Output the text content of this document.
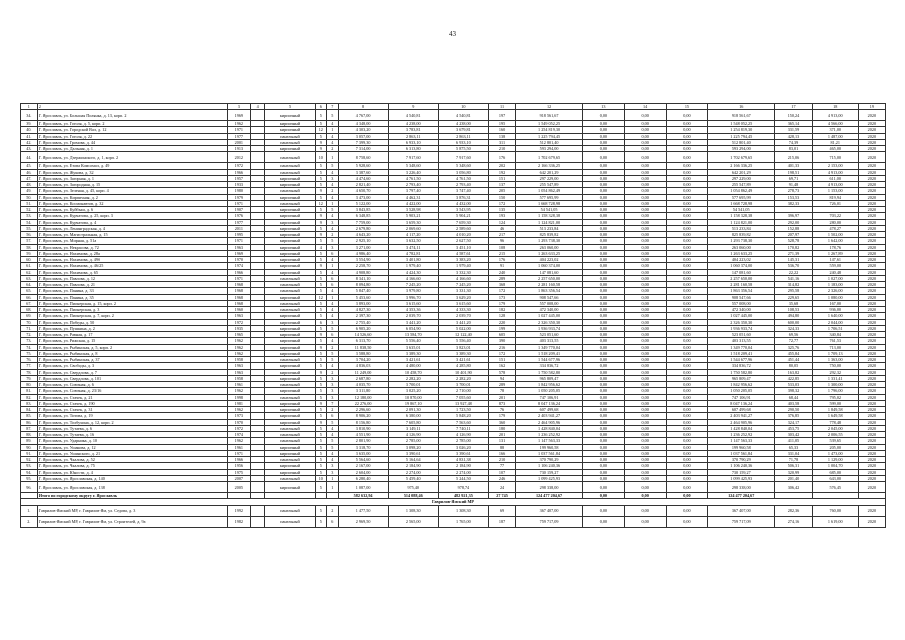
43
1	2	3	4	5	6	7	8	9	10	11	12	13	14	15	16	17	18	19
34.	Г. Ярославль, ул. Большая Полянка, д. 13, корп. 2	1969		кирпичный	5	5	4 767,00	4 540,81	4 540,81	197	918 561,67	0,00	0,00	0,00	918 561,67	150,24	4 913,00	2020
39.	Г. Ярославль, ул. Гоголя, д. 5, корп. 2	1962		кирпичный	5	4	4 348,00	4 238,00	4 238,00	195	1 549 052,25	0,00	0,00	0,00	1 548 052,25	365,14	4 566,00	2020
40.	Г. Ярославль, ул. Городской Вал, д. 12	1971		кирпичный	12	1	4 303,20	3 783,81	3 679,81	160	1 254 819,30	0,00	0,00	0,00	1 254 819,30	331,59	371,00	2020
41.	Г. Ярославль, ул. Гоголя, д. 22	1977		панельный	5	4	3 057,00	2 863,11	2 863,11	138	1 225 794,45	0,00	0,00	0,00	1 225 794,45	428,13	1 487,00	2020
42.	Г. Ярославль, ул. Громова, д. 44	2001		панельный	9	4	7 399,30	6 933,10	6 933,10	311	512 801,40	0,00	0,00	0,00	512 801,40	74,39	81,21	2020
43.	Г. Ярославль, ул. Дальняя, д. 1	1913		кирпичный	9	2	7 314,00	6 313,80	5 875,50	210	593 294,00	0,00	0,00	0,00	593 294,00	83,01	465,00	2020
44.	Г. Ярославль, ул. Дзержинского, д. 1, корп. 2	2012		панельный	10	1	8 758,60	7 917,60	7 917,60	176	1 702 679,65	0,00	0,00	0,00	1 702 679,65	215,06	715,00	2020
45.	Г. Ярославль, ул. Етова Комсомол, д. 49	1972		панельный	5	5	5 928,60	5 348,60	5 348,60	202	2 166 336,25	0,00	0,00	0,00	2 166 336,25	401,33	2 153,00	2020
46.	Г. Ярославль, ул. Жукова, д. 32	1966		панельный	5	4	3 387,60	3 226,40	3 056,80	192	642 201,29	0,00	0,00	0,00	642 201,29	198,51	4 913,00	2020
47.	Г. Ярославль, ул. Загорная, д. 1	1957		кирпичный	5	3	4 474,60	4 761,50	4 761,50	151	297 229,00	0,00	0,00	0,00	297 229,00	69,71	611,00	2020
48.	Г. Ярославль, ул. Загородная, д. 15	1933		кирпичный	5	4	2 821,40	2 793,40	2 793,40	137	255 547,89	0,00	0,00	0,00	255 547,89	91,48	4 913,00	2020
49.	Г. Ярославль, ул. Зеленая, д. 45, корп. 4	1980		панельный	9	2	4 650,70	3 797,40	3 747,40	205	1 054 862,49	0,00	0,00	0,00	1 054 862,49	278,73	1 153,00	2020
50.	Г. Ярославль, ул. Кирпичная, д. 2	1979		кирпичный	5	4	3 473,00	4 462,31	3 876,31	150	577 695,99	0,00	0,00	0,00	577 695,99	153,53	819,94	2020
51.	Г. Ярославль, ул. Космонавтов, д. 32	1971		панельный	12	1	5 122,00	4 422,00	4 432,00	172	1 668 728,98	0,00	0,00	0,00	1 668 728,98	382,33	726,01	2020
52.	Г. Ярославль, ул. Куйбыш, д. 6	1907		кирпичный	5	5	3 843,85	3 528,98	3 543,95	135	54 541,05	0,00	0,00	0,00	54 541,05			2020
53.	Г. Ярославль, ул. Курчатова, д. 25, корп. 3	1976		кирпичный	9	4	6 348,85	5 903,21	5 904,21	193	1 158 328,38	0,00	0,00	0,00	1 158 328,38	396,97	703,22	2020
54.	Г. Ярославль, ул. Курчатова, д. 4	1977		кирпичный	9	3	7 759,00	3 659,30	7 659,30	124	1 124 821,00	0,00	0,00	0,00	1 124 821,00	292,00	280,00	2020
55.	Г. Ярославль, ул. Ленинградская, д. 4	2011		кирпичный	5	4	2 679,80	2 069,60	2 589,60	46	513 233,84	0,00	0,00	0,00	513 233,84	152,88	478,27	2020
56.	Г. Ярославль, ул. Магистральная, д. 15	1995		кирпичный	9	2	4 643,20	4 117,20	4 010,20	217	825 839,82	0,00	0,00	0,00	825 839,82	207,97	1 502,00	2020
57.	Г. Ярославль, ул. Мирная, д. 51а	1971		кирпичный	5	5	2 925,10	3 632,50	2 627,50	96	1 293 738,30	0,00	0,00	0,00	1 293 738,30	528,78	1 642,00	2020
58.	Г. Ярославль, ул. Некрасова, д. 72	1963		кирпичный	4	3	3 271,00	3 474,11	3 451,10	108	263 060,00	0,00	0,00	0,00	263 060,00	170,82	178,76	2020
59.	Г. Ярославль, ул. Нахимова, д. 28а	1969		кирпичный	5	6	4 986,40	4 782,81	4 587,61	215	1 263 633,25	0,00	0,00	0,00	1 263 633,25	271,39	1 267,89	2020
60.	Г. Ярославль, ул. Нахимова, д. 49б	1970		кирпичный	5	4	3 554,90	3 401,80	3 383,20	176	404 223,02	0,00	0,00	0,00	404 223,02	145,31	147,61	2020
61.	Г. Ярославль, ул. Нахимова, д. 46/25	1974		кирпичный	9	1	2 258,70	1 979,40	1 979,40	91	1 060 374,00	0,00	0,00	0,00	1 060 374,00	536,70	559,00	2020
62.	Г. Ярославль, ул. Нахимова, д. 65	1966		кирпичный	5	4	4 908,80	4 424,30	3 332,30	240	147 081,60	0,00	0,00	0,00	147 081,60	22,22	240,48	2020
63.	Г. Ярославль, ул. Павлова, д. 12	1971		панельный	5	6	8 341,10	4 166,60	4 166,60	289	2 257 650,00	0,00	0,00	0,00	2 257 650,00	541,16	1 027,00	2020
64.	Г. Ярославль, ул. Павлова, д. 21	1968		панельный	5	6	8 094,80	7 245,20	7 245,20	368	2 281 160,58	0,00	0,00	0,00	2 281 160,58	314,82	1 183,00	2020
65.	Г. Ярославль, ул. Панина, д. 33	1968		панельный	5	4	5 847,40	3 979,80	3 331,30	172	1 863 356,54	0,00	0,00	0,00	1 863 356,54	295,58	2 326,00	2020
66.	Г. Ярославль, ул. Панина, д. 35	1968		кирпичный	12	1	5 453,60	3 996,70	3 629,20	173	908 547,66	0,00	0,00	0,00	908 547,66	229,65	1 080,00	2020
67.	Г. Ярославль, ул. Пионерская, д. 15, корп. 2	1968		панельный	5	4	3 893,00	3 615,60	3 615,60	179	557 008,00	0,00	0,00	0,00	557 008,00	35,68	167,00	2020
68.	Г. Ярославль, ул. Пионерская, д. 3	1960		панельный	5	4	4 827,30	4 353,36	4 333,30	182	472 340,00	0,00	0,00	0,00	472 340,00	108,53	936,00	2020
69.	Г. Ярославль, ул. Пионерская, д. 7, корп. 2	1963		кирпичный	5	4	2 397,30	2 039,70	2 039,70	128	1 027 445,00	0,00	0,00	0,00	1 027 445,00	494,80	1 640,00	2020
70.	Г. Ярославль, ул. Победы, д. 50	1972		кирпичный	6	3	2 755,40	3 441,20	3 441,20	220	2 326 350,30	0,00	0,00	0,00	2 326 350,30	600,00	2 044,00	2020
71.	Г. Ярославль, ул. Пушкина, д. 2	1935		кирпичный	5	5	6 905,20	6 054,90	5 022,00	199	1 936 933,74	0,00	0,00	0,00	1 936 933,74	324,33	1 706,51	2020
72.	Г. Ярославль, ул. Равная, д. 17	1965		кирпичный	9	6	14 526,60	13 584,70	12 122,40	605	523 051,60	0,00	0,00	0,00	523 051,60	69,56	340,84	2020
73.	Г. Ярославль, ул. Рижская, д. 15	1962		кирпичный	5	4	6 313,70	5 556,40	5 556,40	390	403 313,55	0,00	0,00	0,00	403 313,55	72,77	761,53	2020
74.	Г. Ярославль, ул. Рыбинская, д. 5, корп. 2	1962		кирпичный	9	2	11 838,50	3 635,01	3 823,01	216	1 349 770,04	0,00	0,00	0,00	1 349 770,04	325,76	713,00	2020
75.	Г. Ярославль, ул. Рыбинская, д. 8	1962		кирпичный	5	5	3 588,80	3 389,30	3 389,30	172	1 518 209,41	0,00	0,00	0,00	1 518 209,41	455,84	1 709,13	2020
76.	Г. Ярославль, ул. Рыбинская, д. 37	1958		панельный	5	5	3 704,20	3 421,61	3 421,61	151	1 544 677,96	0,00	0,00	0,00	1 544 677,96	451,44	1 363,00	2020
77.	Г. Ярославль, ул. Свободы, д. 3	1963		кирпичный	5	4	4 836,03	4 480,00	4 285,80	162	334 836,72	0,00	0,00	0,00	334 836,72	80,05	750,00	2020
78.	Г. Ярославль, ул. Свердлова, д. 7	1963		кирпичный	9	2	11 249,00	10 458,70	10 401,90	578	1 750 582,80	0,00	0,00	0,00	1 750 582,80	163,82	292,32	2020
79.	Г. Ярославль, ул. Свердлова, д. 101	1958		кирпичный	5	3	2 687,80	2 282,20	2 282,20	94	965 809,47	0,00	0,00	0,00	965 809,47	422,85	1 331,41	2020
80.	Г. Ярославль, ул. Союзная, д. 6	1961		панельный	5	3	4 035,70	3 700,01	3 700,01	289	1 842 956,62	0,00	0,00	0,00	1 842 956,62	533,03	1 300,00	2020
81.	Г. Ярославль, ул. Союзная, д. 23/16	1962		кирпичный	5	3	3 311,80	3 025,20	2 710,00	78	1 050 205,05	0,00	0,00	0,00	1 050 205,05	398,32	1 796,00	2020
82.	Г. Ярославль, ул. Стачек, д. 21	1998		панельный	5	3	12 180,00	10 870,00	7 055,60	201	747 106,91	0,00	0,00	0,00	747 106,91	68,44	795,02	2020
83.	Г. Ярославль, ул. Стачек, д. 190	1981		кирпичный	9	7	22 276,00	19 867,10	13 927,48	873	8 047 136,24	0,00	0,00	0,00	8 047 136,24	403,58	599,00	2020
84.	Г. Ярославль, ул. Стачек, д. 31	1962		кирпичный	5	2	2 296,60	2 091,30	1 723,50	76	607 499,68	0,00	0,00	0,00	607 499,68	290,50	1 849,58	2020
85.	Г. Ярославль, ул. Титова, д. 19	1973		кирпичный	5	6	8 906,20	6 380,00	5 848,20	179	2 403 941,27	0,00	0,00	0,00	2 403 941,27	376,85	1 649,58	2020
86.	Г. Ярославль, ул. Толбухина, д. 12, корп. 2	1970		кирпичный	9	5	8 156,80	7 605,80	7 563,60	360	2 464 905,96	0,00	0,00	0,00	2 464 905,96	324,17	778,48	2020
87.	Г. Ярославль, ул. Тутаева, д. 6	1972		панельный	5	4	3 810,90	3 149,11	7 740,11	180	1 428 840,04	0,00	0,00	0,00	1 428 840,04	453,75	2 045,00	2020
88.	Г. Ярославль, ул. Тутаева, д. 16	1974		панельный	5	4	4 551,90	4 126,90	4 126,90	201	1 236 252,92	0,00	0,00	0,00	1 236 252,92	303,42	2 006,55	2020
89.	Г. Ярославль, ул. Ударника, д. 10	1962		панельный	5	5	2 801,90	2 785,00	2 785,00	131	1 147 563,33	0,00	0,00	0,00	1 147 563,33	411,05	539,65	2020
90.	Г. Ярославль, ул. Ушакова, д. 12	1961		кирпичный	5	5	3 318,70	3 098,20	3 026,20	88	199 960,58	0,00	0,00	0,00	199 960,58	65,33	205,00	2020
91.	Г. Ярославль, ул. Ушинского, д. 21	1971		кирпичный	5	4	3 635,00	3 390,61	3 390,61	166	1 037 561,84	0,00	0,00	0,00	1 037 561,84	331,04	1 473,00	2020
92.	Г. Ярославль, ул. Чкалова, д. 52	1966		панельный	5	4	5 564,60	5 164,64	4 831,38	210	370 790,29	0,00	0,00	0,00	370 790,29	71,78	1 129,00	2020
93.	Г. Ярославль, ул. Чкалова, д. 75	1956		кирпичный	5	3	2 167,00	2 184,90	2 184,90	77	1 106 240,36	0,00	0,00	0,00	1 106 240,36	506,31	1 004,70	2020
94.	Г. Ярославль, ул. Юности, д. 4	1975		кирпичный	5	3	2 604,00	2 274,00	2 274,00	107	730 159,27	0,00	0,00	0,00	730 159,27	320,99	685,00	2020
95.	Г. Ярославль, ул. Ярославская, д. 140	2007		панельный	10	1	6 280,40	5 459,40	5 244,50	246	1 099 425,93	0,00	0,00	0,00	1 099 425,93	201,40	643,00	2020
96.	Г. Ярославль, ул. Ярославская, д. 138	2005		кирпичный	5	1	1 087,00	975,40	978,74	24	298 338,00	0,00	0,00	0,00	298 338,00	306,42	576,45	2020
	Итого по городскому округу г. Ярославль						582 632,94	514 088,46	482 921,35	27 745	124 477 204,67	0,00	0,00	0,00	124 477 204,67			
Гаврилов-Ямский МР																		
1.	Гаврилов-Ямский МР, г. Гаврилов-Ям, ул. Седова, д. 3	1992		панельный	5	2	1 477,50	1 308,30	1 308,30	69	367 407,00	0,00	0,00	0,00	367 407,00	282,36	760,00	2020
2.	Гаврилов-Ямский МР, г. Гаврилов-Ям, ул. Строителей, д. 9а	1982		панельный	5	6	2 969,50	2 565,00	1 765,00	187	759 717,09	0,00	0,00	0,00	759 717,09	274,16	1 619,00	2020
